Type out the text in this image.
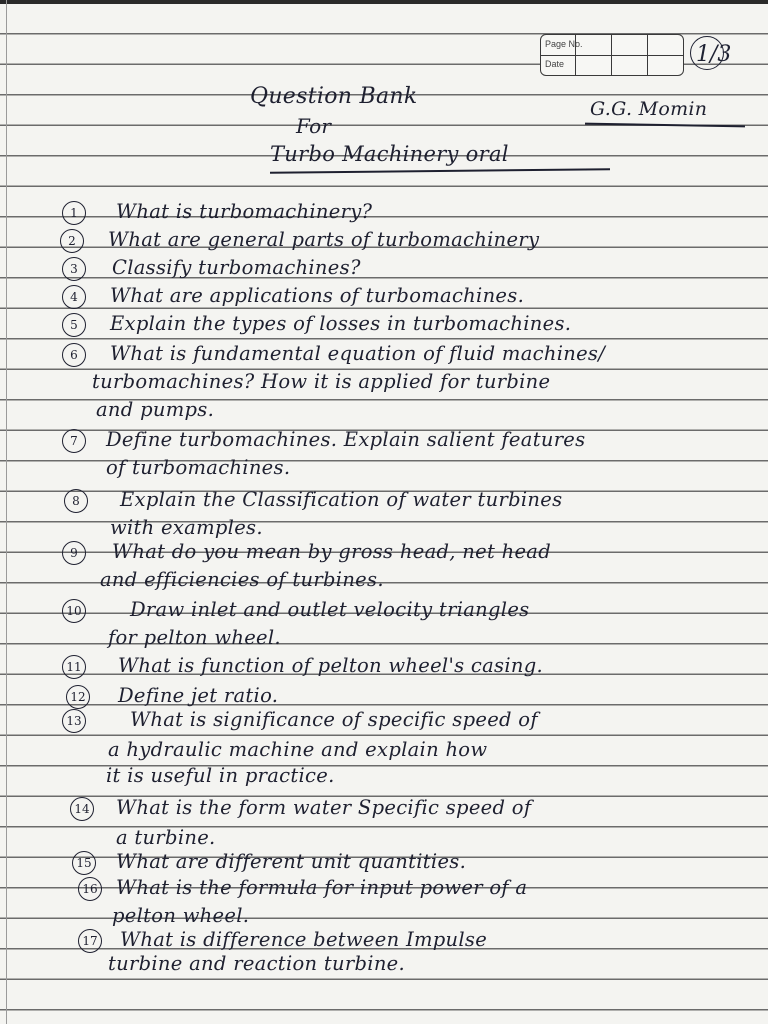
Page No.
Date	1/3
Question Bank	G.G. Momin
For
Turbo Machinery oral
1	What is turbomachinery?
2	What are general parts of turbomachinery
3	Classify turbomachines?
4	What are applications of turbomachines.
5	Explain the types of losses in turbomachines.
6	What is fundamental equation of fluid machines/
turbomachines? How it is applied for turbine
and pumps.
7	Define turbomachines. Explain salient features
of turbomachines.
8	Explain the Classification of water turbines
with examples.
9	What do you mean by gross head, net head
and efficiencies of turbines.
10 Draw inlet and outlet velocity triangles
for pelton wheel.
11 What is function of pelton wheel's casing.
12 Define jet ratio.
13 What is significance of specific speed of
a hydraulic machine and explain how
it is useful in practice.
14 What is the form water Specific speed of
a turbine.
15 What are different unit quantities.
16 What is the formula for input power of a
pelton wheel.
17 What is difference between Impulse
turbine and reaction turbine.
